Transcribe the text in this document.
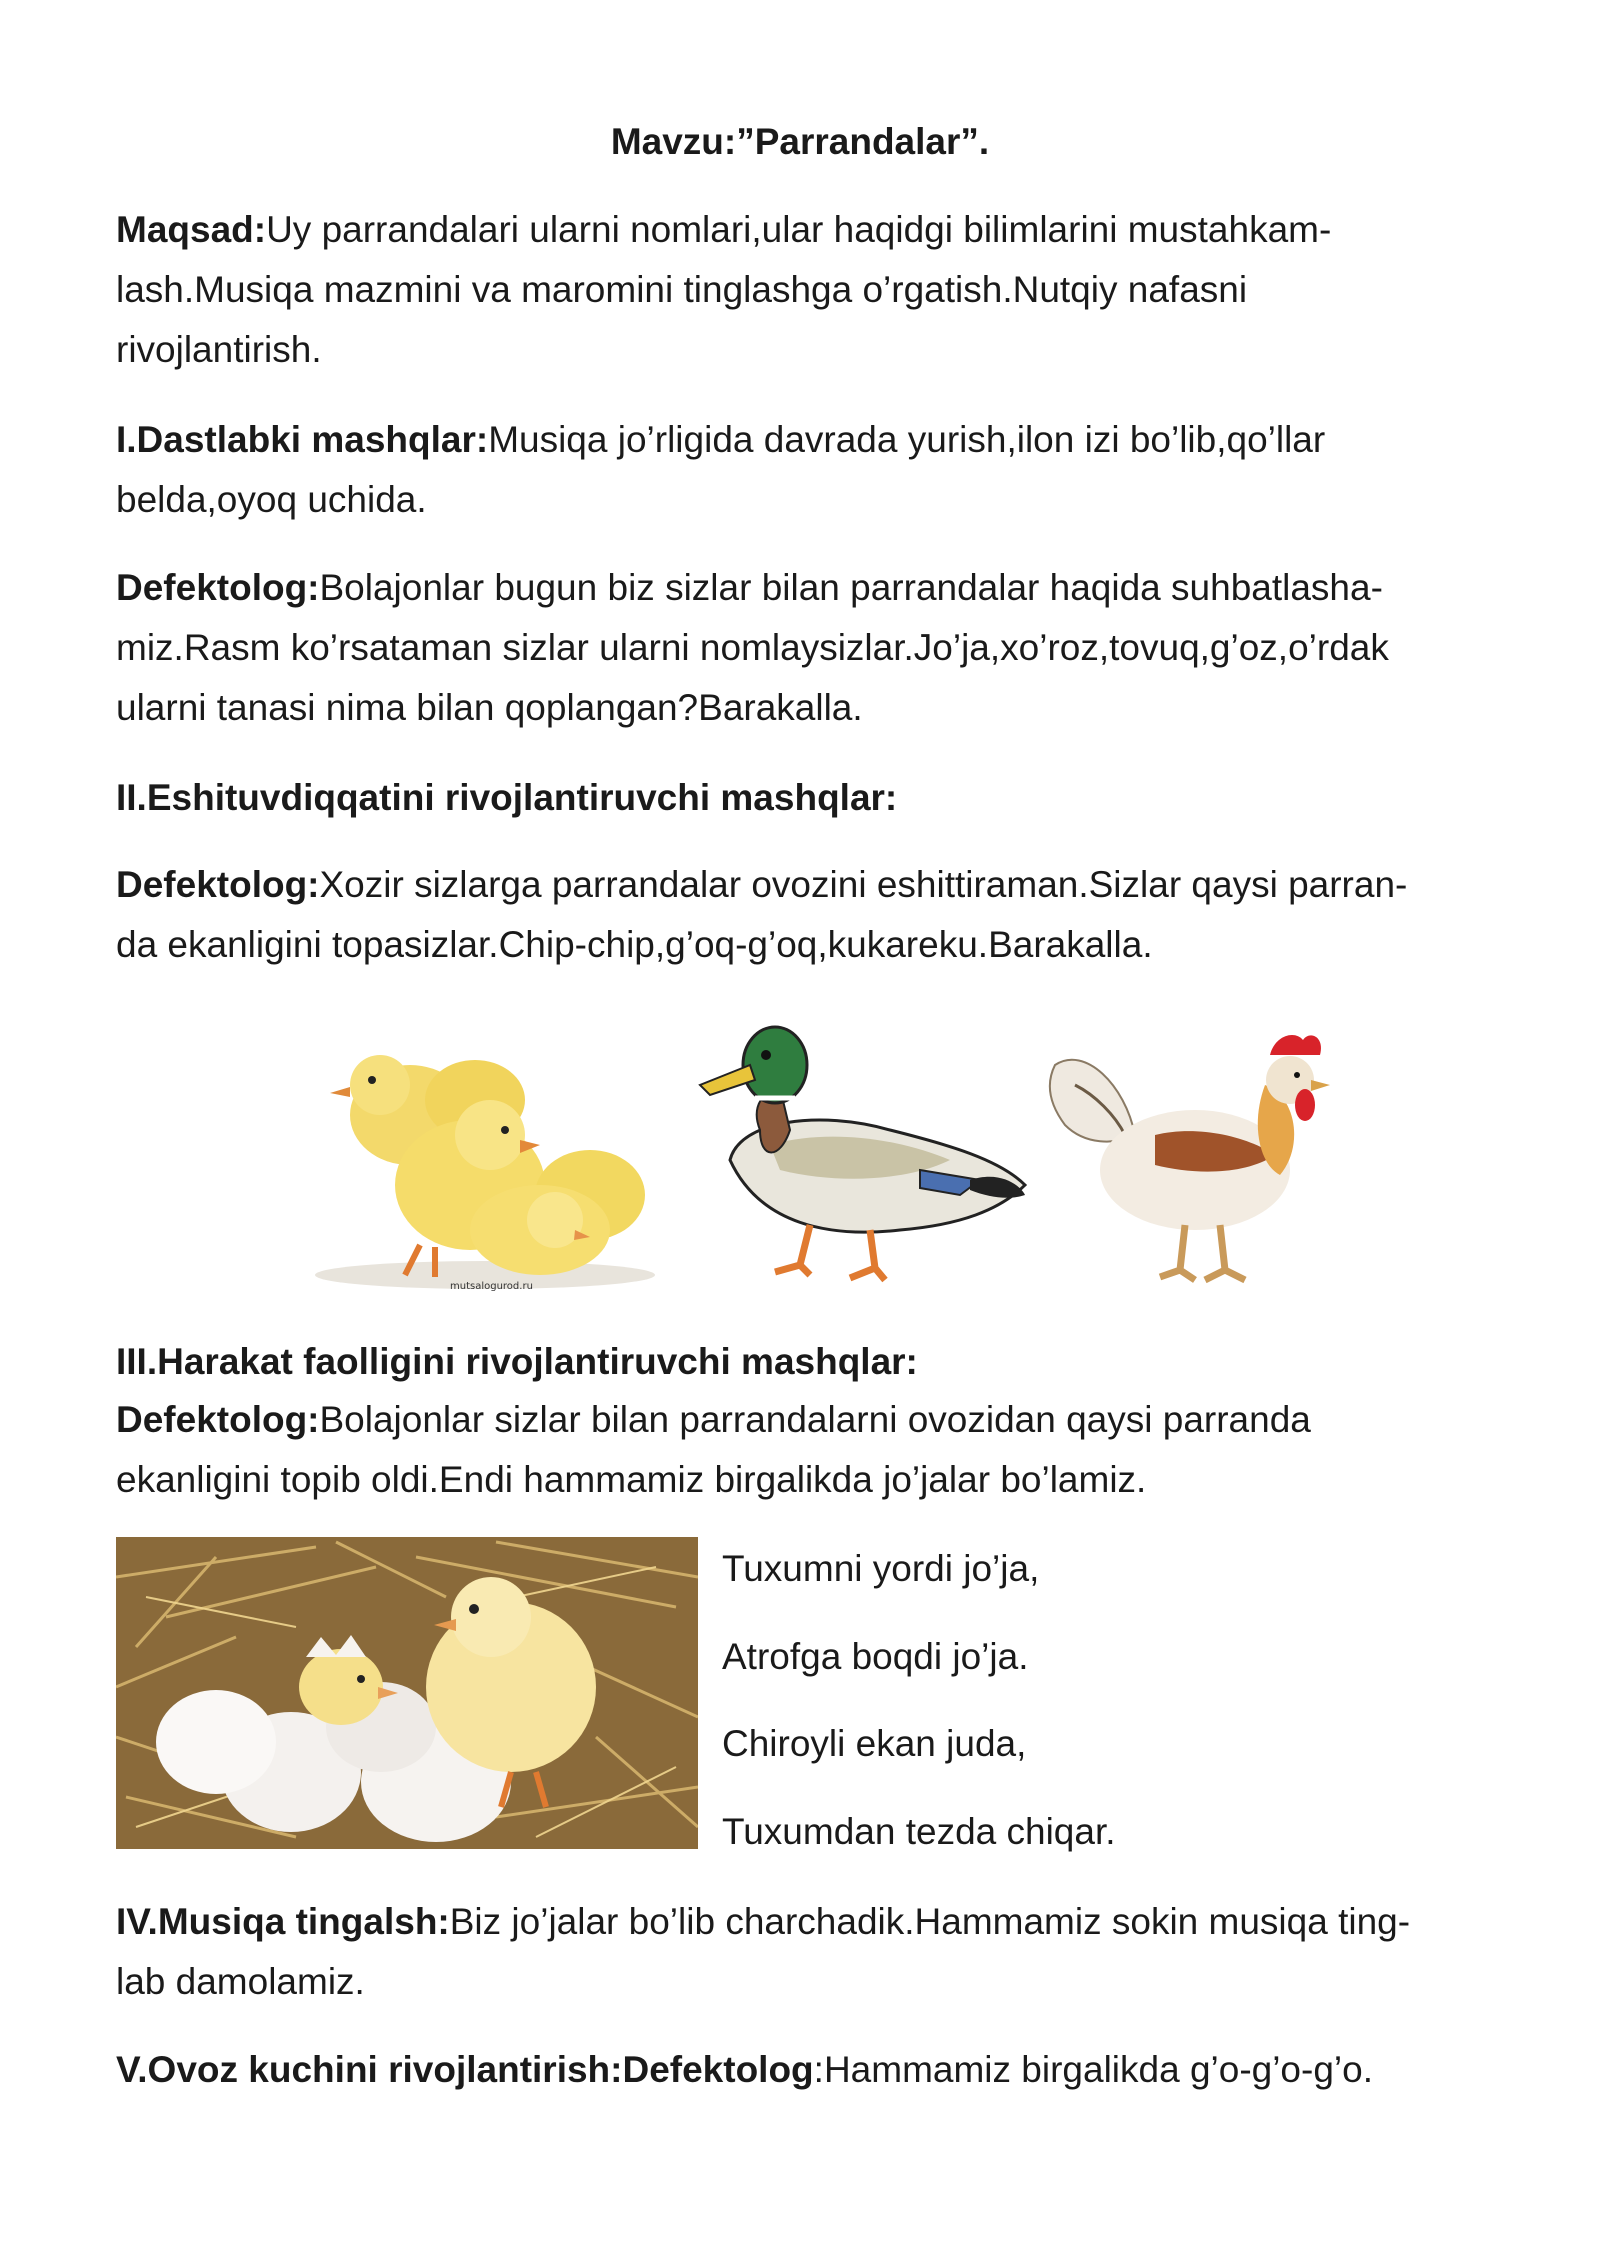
Mavzu:”Parrandalar”.

Maqsad:Uy parrandalari ularni nomlari,ular haqidgi bilimlarini mustahkam-
lash.Musiqa mazmini va maromini tinglashga o’rgatish.Nutqiy nafasni
rivojlantirish.

I.Dastlabki mashqlar:Musiqa jo’rligida davrada yurish,ilon izi bo’lib,qo’llar
belda,oyoq uchida.

Defektolog:Bolajonlar bugun biz sizlar bilan parrandalar haqida suhbatlasha-
miz.Rasm ko’rsataman sizlar ularni nomlaysizlar.Jo’ja,xo’roz,tovuq,g’oz,o’rdak
ularni tanasi nima bilan qoplangan?Barakalla.

II.Eshituvdiqqatini rivojlantiruvchi mashqlar:

Defektolog:Xozir sizlarga parrandalar ovozini eshittiraman.Sizlar qaysi parran-
da ekanligini topasizlar.Chip-chip,g’oq-g’oq,kukareku.Barakalla.

mutsalogurod.ru

III.Harakat faolligini rivojlantiruvchi mashqlar:

Defektolog:Bolajonlar sizlar bilan parrandalarni ovozidan qaysi parranda
ekanligini topib oldi.Endi hammamiz birgalikda jo’jalar bo’lamiz.

Tuxumni yordi jo’ja,
Atrofga boqdi jo’ja.
Chiroyli ekan juda,
Tuxumdan tezda chiqar.

IV.Musiqa tingalsh:Biz jo’jalar bo’lib charchadik.Hammamiz sokin musiqa ting-
lab damolamiz.

V.Ovoz kuchini rivojlantirish:Defektolog:Hammamiz birgalikda g’o-g’o-g’o.
